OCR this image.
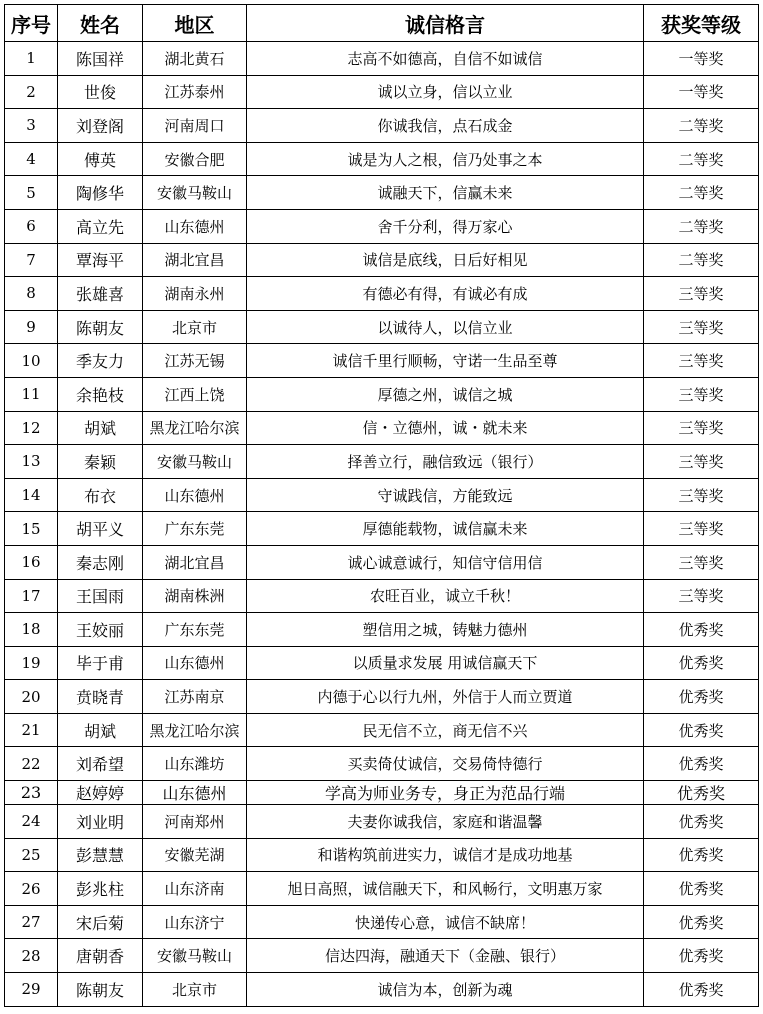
序号	姓名	地区	诚信格言	获奖等级
1	陈国祥	湖北黄石	志高不如德高，自信不如诚信	一等奖
2	世俊	江苏泰州	诚以立身，信以立业	一等奖
3	刘登阁	河南周口	你诚我信，点石成金	二等奖
4	傅英	安徽合肥	诚是为人之根，信乃处事之本	二等奖
5	陶修华	安徽马鞍山	诚融天下，信赢未来	二等奖
6	高立先	山东德州	舍千分利，得万家心	二等奖
7	覃海平	湖北宜昌	诚信是底线，日后好相见	二等奖
8	张雄喜	湖南永州	有德必有得，有诚必有成	三等奖
9	陈朝友	北京市	以诚待人，以信立业	三等奖
10	季友力	江苏无锡	诚信千里行顺畅，守诺一生品至尊	三等奖
11	余艳枝	江西上饶	厚德之州，诚信之城	三等奖
12	胡斌	黑龙江哈尔滨	信・立德州，诚・就未来	三等奖
13	秦颖	安徽马鞍山	择善立行，融信致远（银行）	三等奖
14	布衣	山东德州	守诚践信，方能致远	三等奖
15	胡平义	广东东莞	厚德能载物，诚信赢未来	三等奖
16	秦志刚	湖北宜昌	诚心诚意诚行，知信守信用信	三等奖
17	王国雨	湖南株洲	农旺百业，诚立千秋！	三等奖
18	王姣丽	广东东莞	塑信用之城，铸魅力德州	优秀奖
19	毕于甫	山东德州	以质量求发展 用诚信赢天下	优秀奖
20	贲晓青	江苏南京	内德于心以行九州，外信于人而立贾道	优秀奖
21	胡斌	黑龙江哈尔滨	民无信不立，商无信不兴	优秀奖
22	刘希望	山东潍坊	买卖倚仗诚信，交易倚恃德行	优秀奖
23	赵婷婷	山东德州	学高为师业务专，身正为范品行端	优秀奖
24	刘业明	河南郑州	夫妻你诚我信，家庭和谐温馨	优秀奖
25	彭慧慧	安徽芜湖	和谐构筑前进实力，诚信才是成功地基	优秀奖
26	彭兆柱	山东济南	旭日高照，诚信融天下，和风畅行，文明惠万家	优秀奖
27	宋后菊	山东济宁	快递传心意，诚信不缺席！	优秀奖
28	唐朝香	安徽马鞍山	信达四海，融通天下（金融、银行）	优秀奖
29	陈朝友	北京市	诚信为本，创新为魂	优秀奖
